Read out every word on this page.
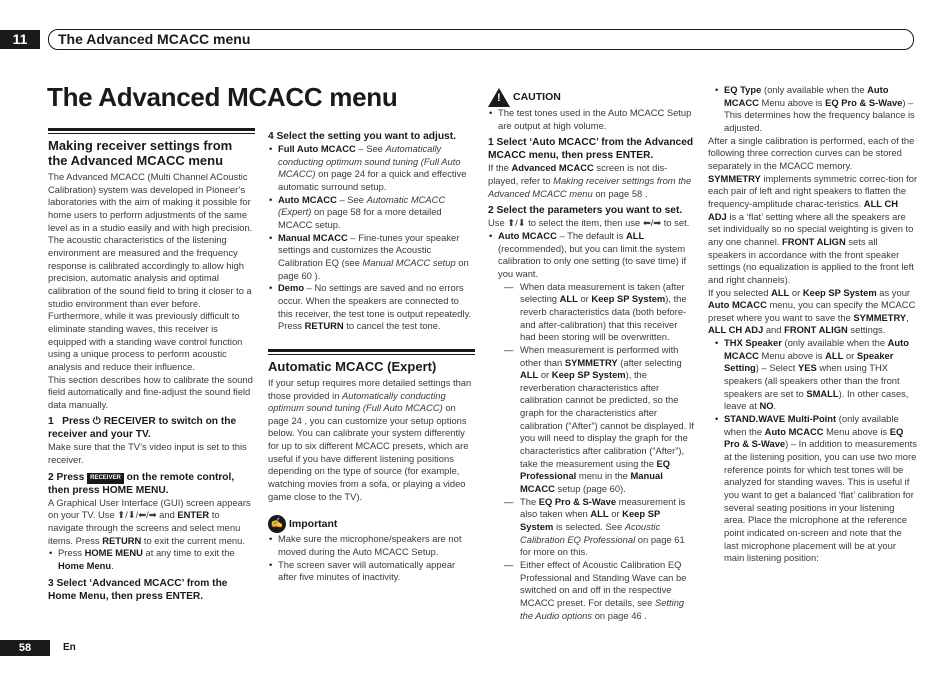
11	The Advanced MCACC menu
The Advanced MCACC menu
Making receiver settings from the Advanced MCACC menu

The Advanced MCACC (Multi Channel ACoustic Calibration) system was developed in Pioneer’s laboratories with the aim of making it possible for home users to perform adjustments of the same level as in a studio easily and with high precision. The acoustic characteristics of the listening environment are measured and the frequency response is calibrated accordingly to allow high precision, automatic analysis and optimal calibration of the sound field to bring it closer to a studio environment than ever before. Furthermore, while it was previously difficult to eliminate standing waves, this receiver is equipped with a standing wave control function using a unique process to perform acoustic analysis and reduce their influence.

This section describes how to calibrate the sound field automatically and fine-adjust the sound field data manually.

1 Press ⏻ RECEIVER to switch on the receiver and your TV.

Make sure that the TV’s video input is set to this receiver.

2 Press RECEIVER on the remote control, then press HOME MENU.

A Graphical User Interface (GUI) screen appears on your TV. Use ⬆/⬇/⬅/➡ and ENTER to navigate through the screens and select menu items. Press RETURN to exit the current menu.

• Press HOME MENU at any time to exit the Home Menu.
3 Select ‘Advanced MCACC’ from the Home Menu, then press ENTER.
4 Select the setting you want to adjust.
• Full Auto MCACC – See Automatically conducting optimum sound tuning (Full Auto MCACC) on page 24 for a quick and effective automatic surround setup.
• Auto MCACC – See Automatic MCACC (Expert) on page 58 for a more detailed MCACC setup.
• Manual MCACC – Fine-tunes your speaker settings and customizes the Acoustic Calibration EQ (see Manual MCACC setup on page 60 ).
• Demo – No settings are saved and no errors occur. When the speakers are connected to this receiver, the test tone is output repeatedly. Press RETURN to cancel the test tone.
Automatic MCACC (Expert)

If your setup requires more detailed settings than those provided in Automatically conducting optimum sound tuning (Full Auto MCACC) on page 24 , you can customize your setup options below. You can calibrate your system differently for up to six different MCACC presets, which are useful if you have different listening positions depending on the type of source (for example, watching movies from a sofa, or playing a video game close to the TV).

✍ Important
• Make sure the microphone/speakers are not moved during the Auto MCACC Setup.
• The screen saver will automatically appear after five minutes of inactivity.
! CAUTION
• The test tones used in the Auto MCACC Setup are output at high volume.
1 Select ‘Auto MCACC’ from the Advanced MCACC menu, then press ENTER.

If the Advanced MCACC screen is not dis-played, refer to Making receiver settings from the Advanced MCACC menu on page 58 .

2 Select the parameters you want to set.

Use ⬆/⬇ to select the item, then use ⬅/➡ to set.

• Auto MCACC – The default is ALL (recommended), but you can limit the system calibration to only one setting (to save time) if you want.
— When data measurement is taken (after selecting ALL or Keep SP System), the reverb characteristics data (both before- and after-calibration) that this receiver had been storing will be overwritten.
— When measurement is performed with other than SYMMETRY (after selecting ALL or Keep SP System), the reverberation characteristics after calibration cannot be predicted, so the graph for the characteristics after calibration (“After”) cannot be displayed. If you will need to display the graph for the characteristics after calibration (“After”), take the measurement using the EQ Professional menu in the Manual MCACC setup (page 60).
— The EQ Pro & S-Wave measurement is also taken when ALL or Keep SP System is selected. See Acoustic Calibration EQ Professional on page 61 for more on this.
— Either effect of Acoustic Calibration EQ Professional and Standing Wave can be switched on and off in the respective MCACC preset. For details, see Setting the Audio options on page 46 .
• EQ Type (only available when the Auto MCACC Menu above is EQ Pro & S-Wave) – This determines how the frequency balance is adjusted.

After a single calibration is performed, each of the following three correction curves can be stored separately in the MCACC memory.

SYMMETRY implements symmetric correc-tion for each pair of left and right speakers to flatten the frequency-amplitude charac-teristics. ALL CH ADJ is a ‘flat’ setting where all the speakers are set individually so no special weighting is given to any one channel. FRONT ALIGN sets all speakers in accordance with the front speaker settings (no equalization is applied to the front left and right channels).

If you selected ALL or Keep SP System as your Auto MCACC menu, you can specify the MCACC preset where you want to save the SYMMETRY, ALL CH ADJ and FRONT ALIGN settings.

• THX Speaker (only available when the Auto MCACC Menu above is ALL or Speaker Setting) – Select YES when using THX speakers (all speakers other than the front speakers are set to SMALL). In other cases, leave at NO.
• STAND.WAVE Multi-Point (only available when the Auto MCACC Menu above is EQ Pro & S-Wave) – In addition to measurements at the listening position, you can use two more reference points for which test tones will be analyzed for standing waves. This is useful if you want to get a balanced ‘flat’ calibration for several seating positions in your listening area. Place the microphone at the reference point indicated on-screen and note that the last microphone placement will be at your main listening position:
58	En
